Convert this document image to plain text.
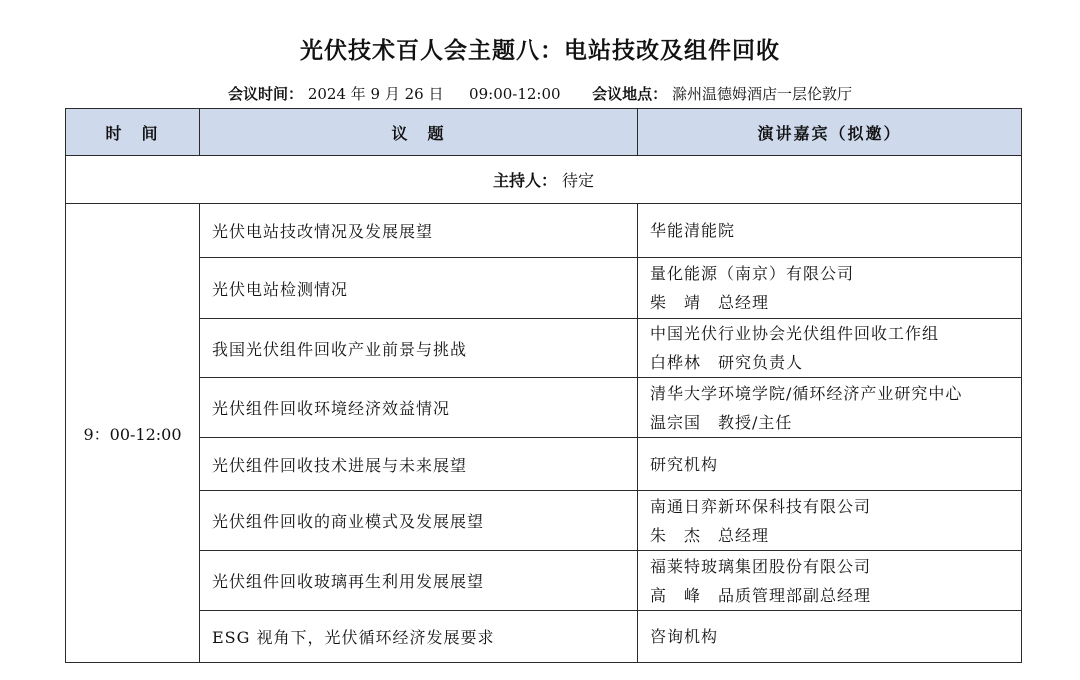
光伏技术百人会主题八：电站技改及组件回收
会议时间： 2024 年 9 月 26 日 09:00-12:00 会议地点： 滁州温德姆酒店一层伦敦厅
时　间	议　题	演讲嘉宾（拟邀）
主持人： 待定		
9：00-12:00	光伏电站技改情况及发展展望	华能清能院

	光伏电站检测情况	量化能源（南京）有限公司
柴　靖　总经理

	我国光伏组件回收产业前景与挑战	中国光伏行业协会光伏组件回收工作组
白桦林　研究负责人

	光伏组件回收环境经济效益情况	清华大学环境学院/循环经济产业研究中心
温宗国　教授/主任

	光伏组件回收技术进展与未来展望	研究机构

	光伏组件回收的商业模式及发展展望	南通日弈新环保科技有限公司
朱　杰　总经理

	光伏组件回收玻璃再生利用发展展望	福莱特玻璃集团股份有限公司
高　峰　品质管理部副总经理

	ESG 视角下，光伏循环经济发展要求	咨询机构
